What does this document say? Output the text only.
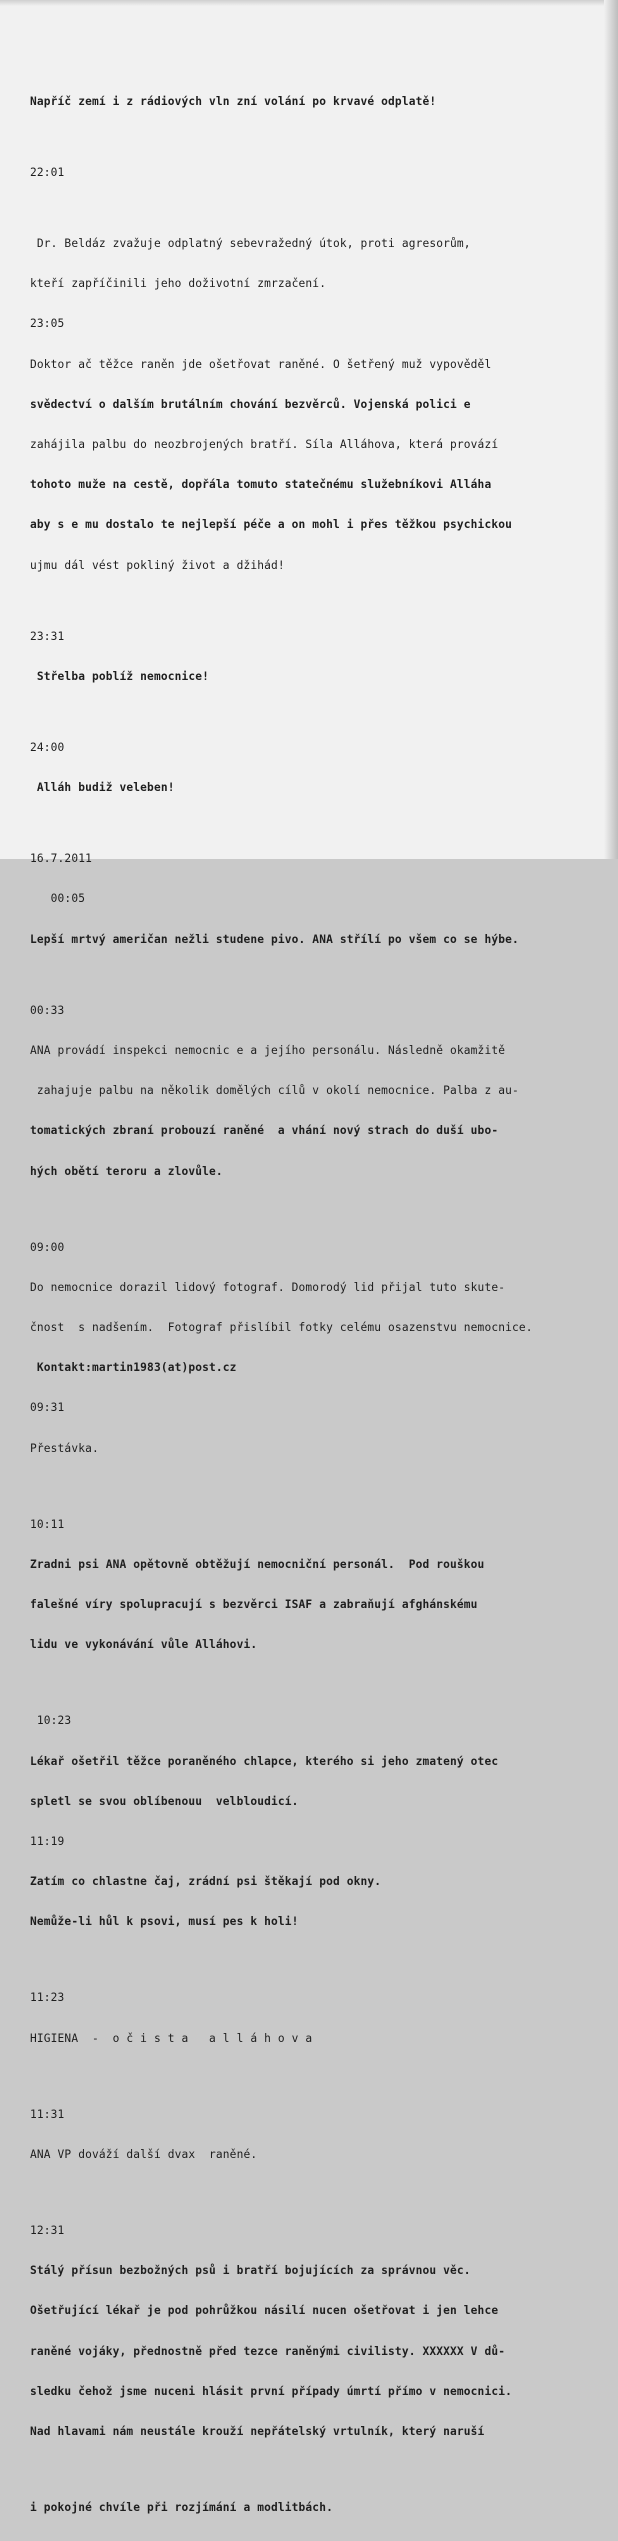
Napříč zemí i z rádiových vln zní volání po krvavé odplatě!

22:01

Dr. Beldáz zvažuje odplatný sebevražedný útok, proti agresorům,

kteří zapříčinili jeho doživotní zmrzačení.

23:05

Doktor ač těžce raněn jde ošetřovat raněné. O šetřený muž vypověděl

svědectví o dalším brutálním chování bezvěrců. Vojenská polici e

zahájila palbu do neozbrojených bratří. Síla Alláhova, která provází

tohoto muže na cestě, dopřála tomuto statečnému služebníkovi Alláha

aby s e mu dostalo te nejlepší péče a on mohl i přes těžkou psychickou

ujmu dál vést pokliný život a džihád!

23:31

Střelba poblíž nemocnice!

24:00

Alláh budiž veleben!

16.7.2011

00:05

Lepší mrtvý američan nežli studene pivo. ANA střílí po všem co se hýbe.

00:33

ANA provádí inspekci nemocnic e a jejího personálu. Následně okamžitě

zahajuje palbu na několik domělých cílů v okolí nemocnice. Palba z au-

tomatických zbraní probouzí raněné  a vhání nový strach do duší ubo-

hých obětí teroru a zlovůle.

09:00

Do nemocnice dorazil lidový fotograf. Domorodý lid přijal tuto skute-

čnost  s nadšením.  Fotograf přislíbil fotky celému osazenstvu nemocnice.

Kontakt:martin1983(at)post.cz

09:31

Přestávka.

10:11

Zradni psi ANA opětovně obtěžují nemocniční personál.  Pod rouškou

falešné víry spolupracují s bezvěrci ISAF a zabraňují afghánskému

lidu ve vykonávání vůle Alláhovi.

10:23

Lékař ošetřil těžce poraněného chlapce, kterého si jeho zmatený otec

spletl se svou oblíbenouu  velbloudicí.

11:19

Zatím co chlastne čaj, zrádní psi štěkají pod okny.

Nemůže-li hůl k psovi, musí pes k holi!

11:23

HIGIENA  -  o č i s t a   a l l á h o v a

11:31

ANA VP dováží další dvax  raněné.

12:31

Stálý přísun bezbožných psů i bratří bojujících za správnou věc.

Ošetřující lékař je pod pohrůžkou násilí nucen ošetřovat i jen lehce

raněné vojáky, přednostně před tezce raněnými civilisty. XXXXXX V dů-

sledku čehož jsme nuceni hlásit první případy úmrtí přímo v nemocnici.

Nad hlavami nám neustále krouží nepřátelský vrtulník, který naruší

i pokojné chvíle při rozjímání a modlitbách.
